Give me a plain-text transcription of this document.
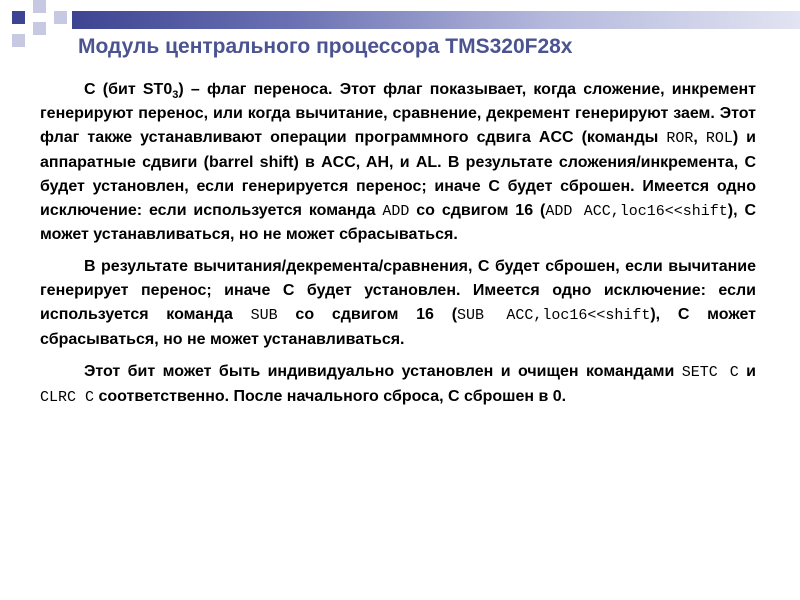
Модуль центрального процессора TMS320F28x

C (бит $ST0_3$) – флаг переноса. Этот флаг показывает, когда сложение, инкремент генерируют перенос, или когда вычитание, сравнение, декремент генерируют заем. Этот флаг также устанавливают операции программного сдвига ACC (команды ROR, ROL) и аппаратные сдвиги (barrel shift) в ACC, AH, и AL. В результате сложения/инкремента, C будет установлен, если генерируется перенос; иначе C будет сброшен. Имеется одно исключение: если используется команда ADD со сдвигом 16 (ADD ACC,loc16<<shift), C может устанавливаться, но не может сбрасываться.

В результате вычитания/декремента/сравнения, C будет сброшен, если вычитание генерирует перенос; иначе C будет установлен. Имеется одно исключение: если используется команда SUB со сдвигом 16 (SUB ACC,loc16<<shift), C может сбрасываться, но не может устанавливаться.

Этот бит может быть индивидуально установлен и очищен командами SETC C и CLRC C соответственно. После начального сброса, C сброшен в 0.
